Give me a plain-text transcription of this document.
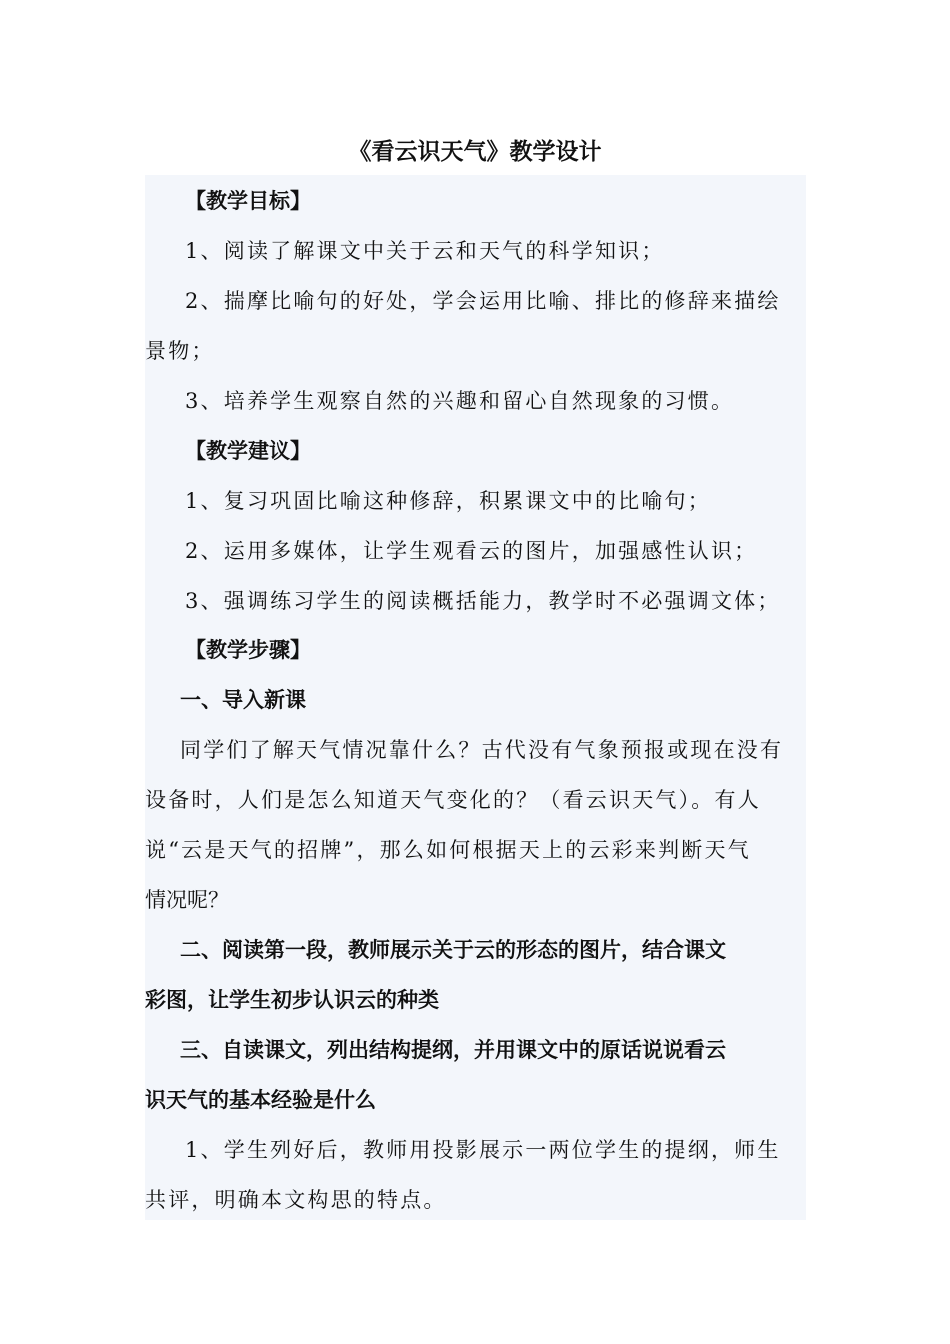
《看云识天气》教学设计
【教学目标】
1、阅读了解课文中关于云和天气的科学知识；
2、揣摩比喻句的好处，学会运用比喻、排比的修辞来描绘
景物；
3、培养学生观察自然的兴趣和留心自然现象的习惯。
【教学建议】
1、复习巩固比喻这种修辞，积累课文中的比喻句；
2、运用多媒体，让学生观看云的图片，加强感性认识；
3、强调练习学生的阅读概括能力，教学时不必强调文体；
【教学步骤】
一、导入新课
同学们了解天气情况靠什么？古代没有气象预报或现在没有
设备时，人们是怎么知道天气变化的？（看云识天气）。有人
说“云是天气的招牌”，那么如何根据天上的云彩来判断天气
情况呢？
二、阅读第一段，教师展示关于云的形态的图片，结合课文
彩图，让学生初步认识云的种类
三、自读课文，列出结构提纲，并用课文中的原话说说看云
识天气的基本经验是什么
1、学生列好后，教师用投影展示一两位学生的提纲，师生
共评，明确本文构思的特点。
